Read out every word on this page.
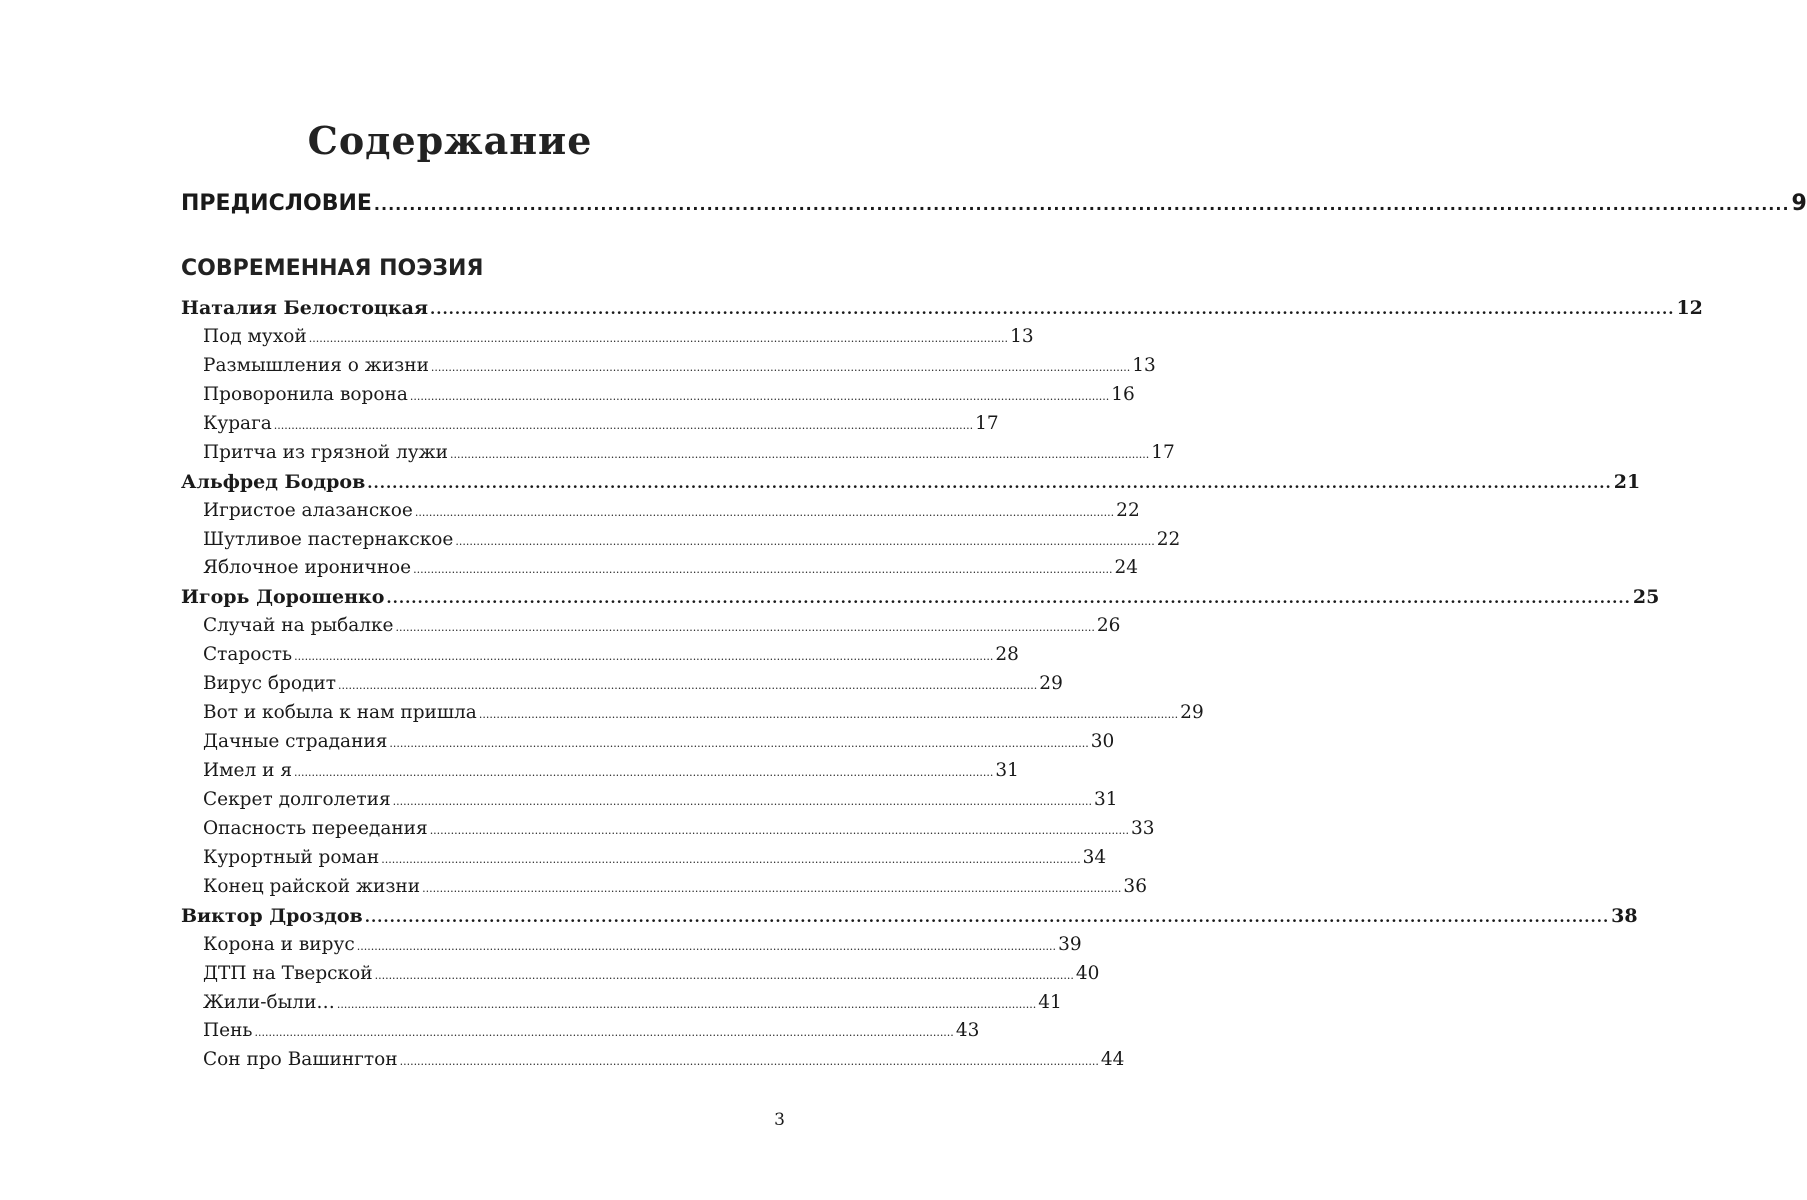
Содержание
ПРЕДИСЛОВИЕ ........................................................................................................................................................................................................ 9
СОВРЕМЕННАЯ ПОЭЗИЯ
Наталия Белостоцкая ........................................................................................................................................................................................................ 12
Под мухой ........................................................................................................................................................................................................ 13
Размышления о жизни ........................................................................................................................................................................................................ 13
Проворонила ворона ........................................................................................................................................................................................................ 16
Курага ........................................................................................................................................................................................................ 17
Притча из грязной лужи ........................................................................................................................................................................................................ 17
Альфред Бодров ........................................................................................................................................................................................................ 21
Игристое алазанское ........................................................................................................................................................................................................ 22
Шутливое пастернакское ........................................................................................................................................................................................................ 22
Яблочное ироничное ........................................................................................................................................................................................................ 24
Игорь Дорошенко ........................................................................................................................................................................................................ 25
Случай на рыбалке ........................................................................................................................................................................................................ 26
Старость ........................................................................................................................................................................................................ 28
Вирус бродит ........................................................................................................................................................................................................ 29
Вот и кобыла к нам пришла ........................................................................................................................................................................................................ 29
Дачные страдания ........................................................................................................................................................................................................ 30
Имел и я ........................................................................................................................................................................................................ 31
Секрет долголетия ........................................................................................................................................................................................................ 31
Опасность переедания ........................................................................................................................................................................................................ 33
Курортный роман ........................................................................................................................................................................................................ 34
Конец райской жизни ........................................................................................................................................................................................................ 36
Виктор Дроздов ........................................................................................................................................................................................................ 38
Корона и вирус ........................................................................................................................................................................................................ 39
ДТП на Тверской ........................................................................................................................................................................................................ 40
Жили-были… ........................................................................................................................................................................................................ 41
Пень ........................................................................................................................................................................................................ 43
Сон про Вашингтон ........................................................................................................................................................................................................ 44
3
